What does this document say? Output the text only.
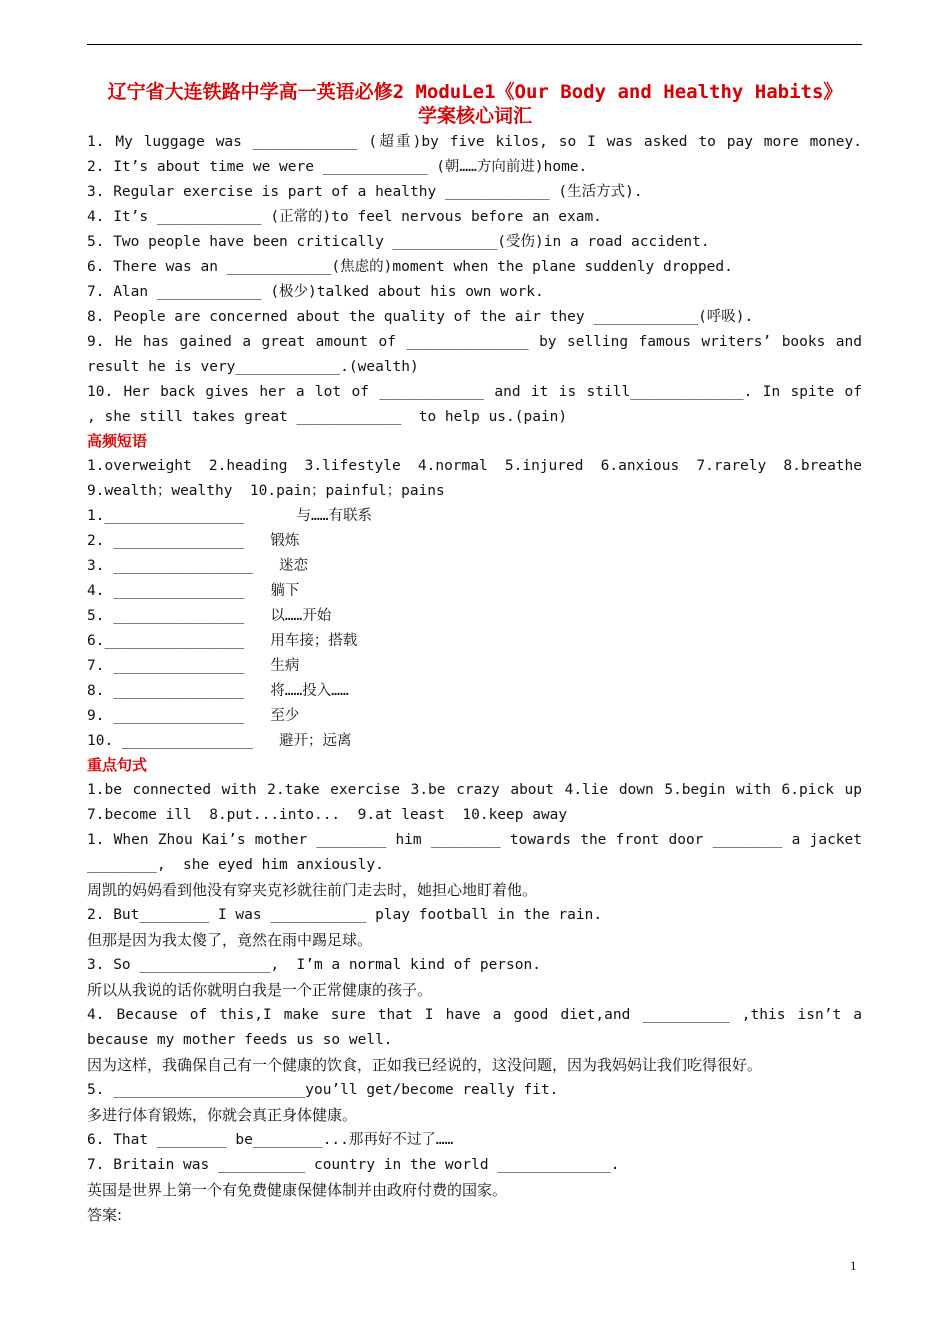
辽宁省大连铁路中学高一英语必修2 ModuLe1《Our Body and Healthy Habits》
学案核心词汇
1. My luggage was ____________ (超重)by five kilos, so I was asked to pay more money.
2. It’s about time we were ____________ (朝……方向前进)home.
3. Regular exercise is part of a healthy ____________ (生活方式).
4. It’s ____________ (正常的)to feel nervous before an exam.
5. Two people have been critically ____________(受伤)in a road accident.
6. There was an ____________(焦虑的)moment when the plane suddenly dropped.
7. Alan ____________ (极少)talked about his own work.
8. People are concerned about the quality of the air they ____________(呼吸).
9. He has gained a great amount of ______________ by selling famous writers’ books and
result he is very____________.(wealth)
10. Her back gives her a lot of ____________ and it is still_____________. In spite of
, she still takes great ____________  to help us.(pain)
高频短语
1.overweight 2.heading 3.lifestyle 4.normal 5.injured 6.anxious 7.rarely 8.breathe
9.wealth；wealthy  10.pain；painful；pains
1.________________      与……有联系
2. _______________   锻炼
3. ________________   迷恋
4. _______________   躺下
5. _______________   以……开始
6.________________   用车接；搭载
7. _______________   生病
8. _______________   将……投入……
9. _______________   至少
10. _______________   避开；远离
重点句式
1.be connected with 2.take exercise 3.be crazy about 4.lie down 5.begin with 6.pick up
7.become ill  8.put...into...  9.at least  10.keep away
1. When Zhou Kai’s mother ________ him ________ towards the front door ________ a jacket
________,  she eyed him anxiously.
周凯的妈妈看到他没有穿夹克衫就往前门走去时，她担心地盯着他。
2. But________ I was ___________ play football in the rain.
但那是因为我太傻了，竟然在雨中踢足球。
3. So _______________,  I’m a normal kind of person.
所以从我说的话你就明白我是一个正常健康的孩子。
4. Because of this,I make sure that I have a good diet,and __________ ,this isn’t a
because my mother feeds us so well.
因为这样，我确保自己有一个健康的饮食，正如我已经说的，这没问题，因为我妈妈让我们吃得很好。
5. ______________________you’ll get/become really fit.
多进行体育锻炼，你就会真正身体健康。
6. That ________ be________...那再好不过了……
7. Britain was __________ country in the world _____________.
英国是世界上第一个有免费健康保健体制并由政府付费的国家。
答案:
1
